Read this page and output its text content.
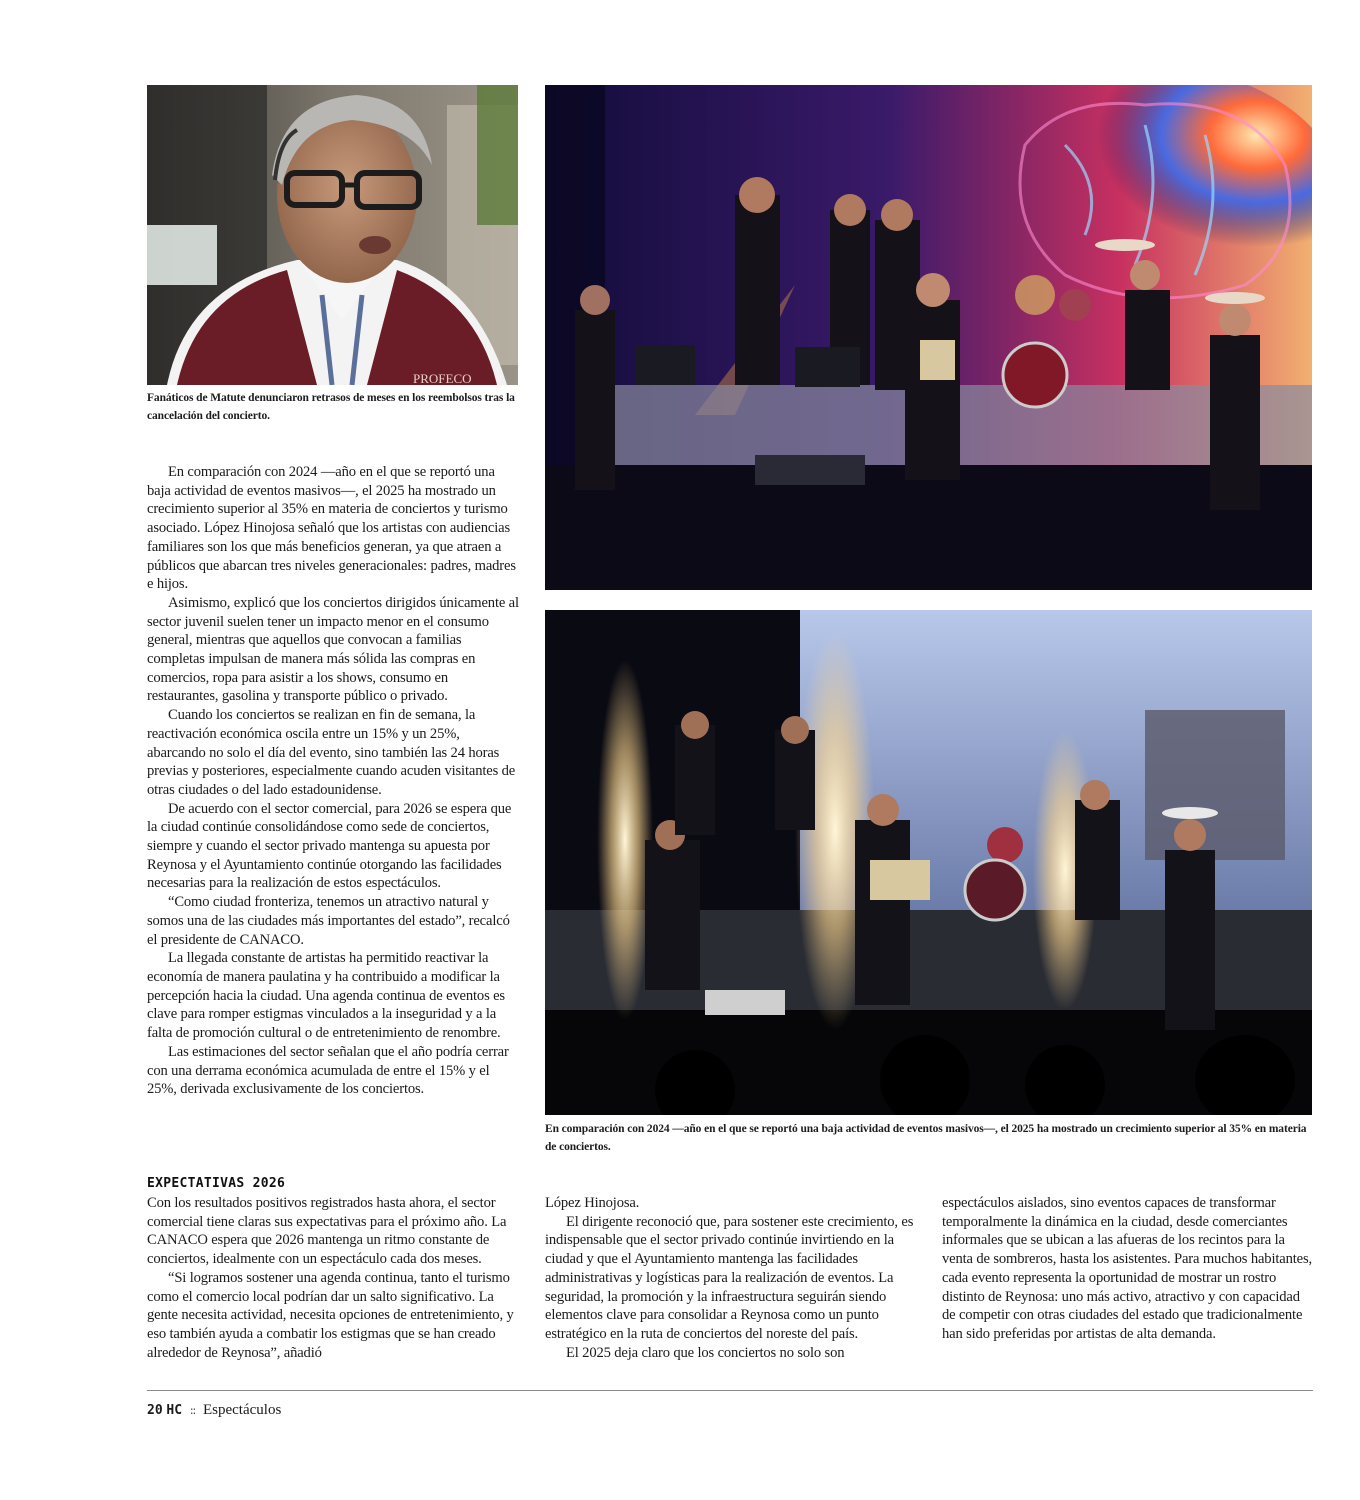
PROFECO
Fanáticos de Matute denunciaron retrasos de meses en los reembolsos tras la cancelación del concierto.
En comparación con 2024 —año en el que se reportó una baja actividad de eventos masivos—, el 2025 ha mostrado un crecimiento superior al 35% en materia de conciertos.

En comparación con 2024 —año en el que se reportó una baja actividad de eventos masivos—, el 2025 ha mostrado un crecimiento superior al 35% en materia de conciertos y turismo asociado. López Hinojosa señaló que los artistas con audiencias familiares son los que más beneficios generan, ya que atraen a públicos que abarcan tres niveles generacionales: padres, madres e hijos.

Asimismo, explicó que los conciertos dirigidos únicamente al sector juvenil suelen tener un impacto menor en el consumo general, mientras que aquellos que convocan a familias completas impulsan de manera más sólida las compras en comercios, ropa para asistir a los shows, consumo en restaurantes, gasolina y transporte público o privado.

Cuando los conciertos se realizan en fin de semana, la reactivación económica oscila entre un 15% y un 25%, abarcando no solo el día del evento, sino también las 24 horas previas y posteriores, especialmente cuando acuden visitantes de otras ciudades o del lado estadounidense.

De acuerdo con el sector comercial, para 2026 se espera que la ciudad continúe consolidándose como sede de conciertos, siempre y cuando el sector privado mantenga su apuesta por Reynosa y el Ayuntamiento continúe otorgando las facilidades necesarias para la realización de estos espectáculos.

“Como ciudad fronteriza, tenemos un atractivo natural y somos una de las ciudades más importantes del estado”, recalcó el presidente de CANACO.

La llegada constante de artistas ha permitido reactivar la economía de manera paulatina y ha contribuido a modificar la percepción hacia la ciudad. Una agenda continua de eventos es clave para romper estigmas vinculados a la inseguridad y a la falta de promoción cultural o de entretenimiento de renombre.

Las estimaciones del sector señalan que el año podría cerrar con una derrama económica acumulada de entre el 15% y el 25%, derivada exclusivamente de los conciertos.

EXPECTATIVAS 2026

Con los resultados positivos registrados hasta ahora, el sector comercial tiene claras sus expectativas para el próximo año. La CANACO espera que 2026 mantenga un ritmo constante de conciertos, idealmente con un espectáculo cada dos meses.

“Si logramos sostener una agenda continua, tanto el turismo como el comercio local podrían dar un salto significativo. La gente necesita actividad, necesita opciones de entretenimiento, y eso también ayuda a combatir los estigmas que se han creado alrededor de Reynosa”, añadió

López Hinojosa.

El dirigente reconoció que, para sostener este crecimiento, es indispensable que el sector privado continúe invirtiendo en la ciudad y que el Ayuntamiento mantenga las facilidades administrativas y logísticas para la realización de eventos. La seguridad, la promoción y la infraestructura seguirán siendo elementos clave para consolidar a Reynosa como un punto estratégico en la ruta de conciertos del noreste del país.

El 2025 deja claro que los conciertos no solo son

espectáculos aislados, sino eventos capaces de transformar temporalmente la dinámica en la ciudad, desde comerciantes informales que se ubican a las afueras de los recintos para la venta de sombreros, hasta los asistentes. Para muchos habitantes, cada evento representa la oportunidad de mostrar un rostro distinto de Reynosa: uno más activo, atractivo y con capacidad de competir con otras ciudades del estado que tradicionalmente han sido preferidas por artistas de alta demanda.

20 HC :: Espectáculos
